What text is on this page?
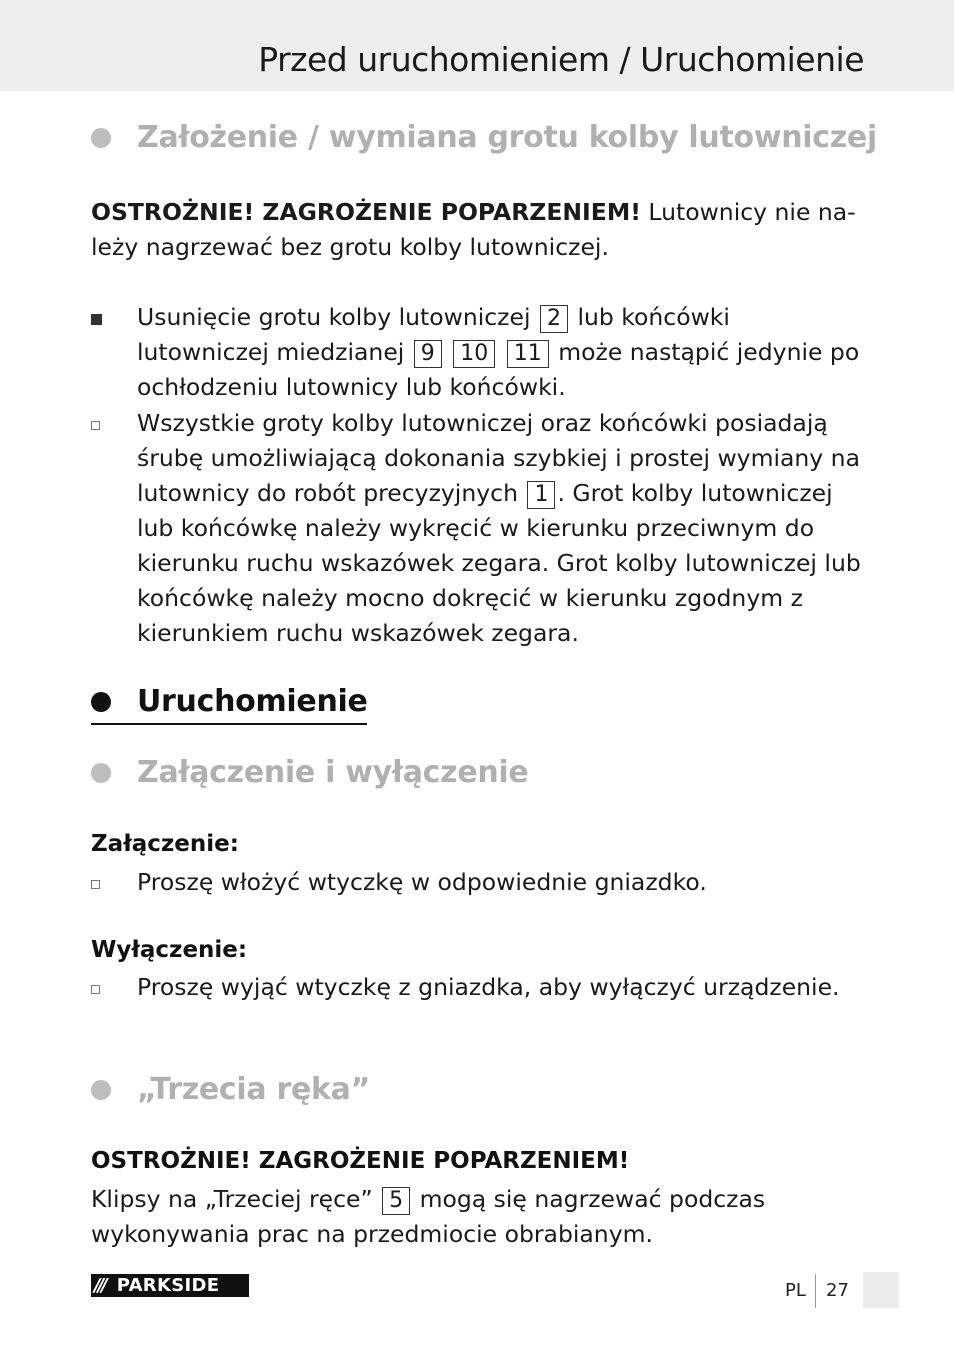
Przed uruchomieniem / Uruchomienie
Założenie / wymiana grotu kolby lutowniczej
OSTROŻNIE! ZAGROŻENIE POPARZENIEM! Lutownicy nie na-
leży nagrzewać bez grotu kolby lutowniczej.
Usunięcie grotu kolby lutowniczej 2 lub końcówki lutowniczej miedzianej 9 10 11 może nastąpić jedynie po ochłodzeniu lutownicy lub końcówki.
Wszystkie groty kolby lutowniczej oraz końcówki posiadają śrubę umożliwiającą dokonania szybkiej i prostej wymiany na lutownicy do robót precyzyjnych 1 . Grot kolby lutowniczej lub końcówkę należy wykręcić w kierunku przeciwnym do kierunku ruchu wskazówek zegara. Grot kolby lutowniczej lub końcówkę należy mocno dokręcić w kierunku zgodnym z kierunkiem ruchu wskazówek zegara.
Uruchomienie
Załączenie i wyłączenie
Załączenie:
Proszę włożyć wtyczkę w odpowiednie gniazdko.
Wyłączenie:
Proszę wyjąć wtyczkę z gniazdka, aby wyłączyć urządzenie.
„Trzecia ręka”
OSTROŻNIE! ZAGROŻENIE POPARZENIEM!
Klipsy na „Trzeciej ręce” 5 mogą się nagrzewać podczas wykonywania prac na przedmiocie obrabianym.
/// PARKSIDE	PL 27
